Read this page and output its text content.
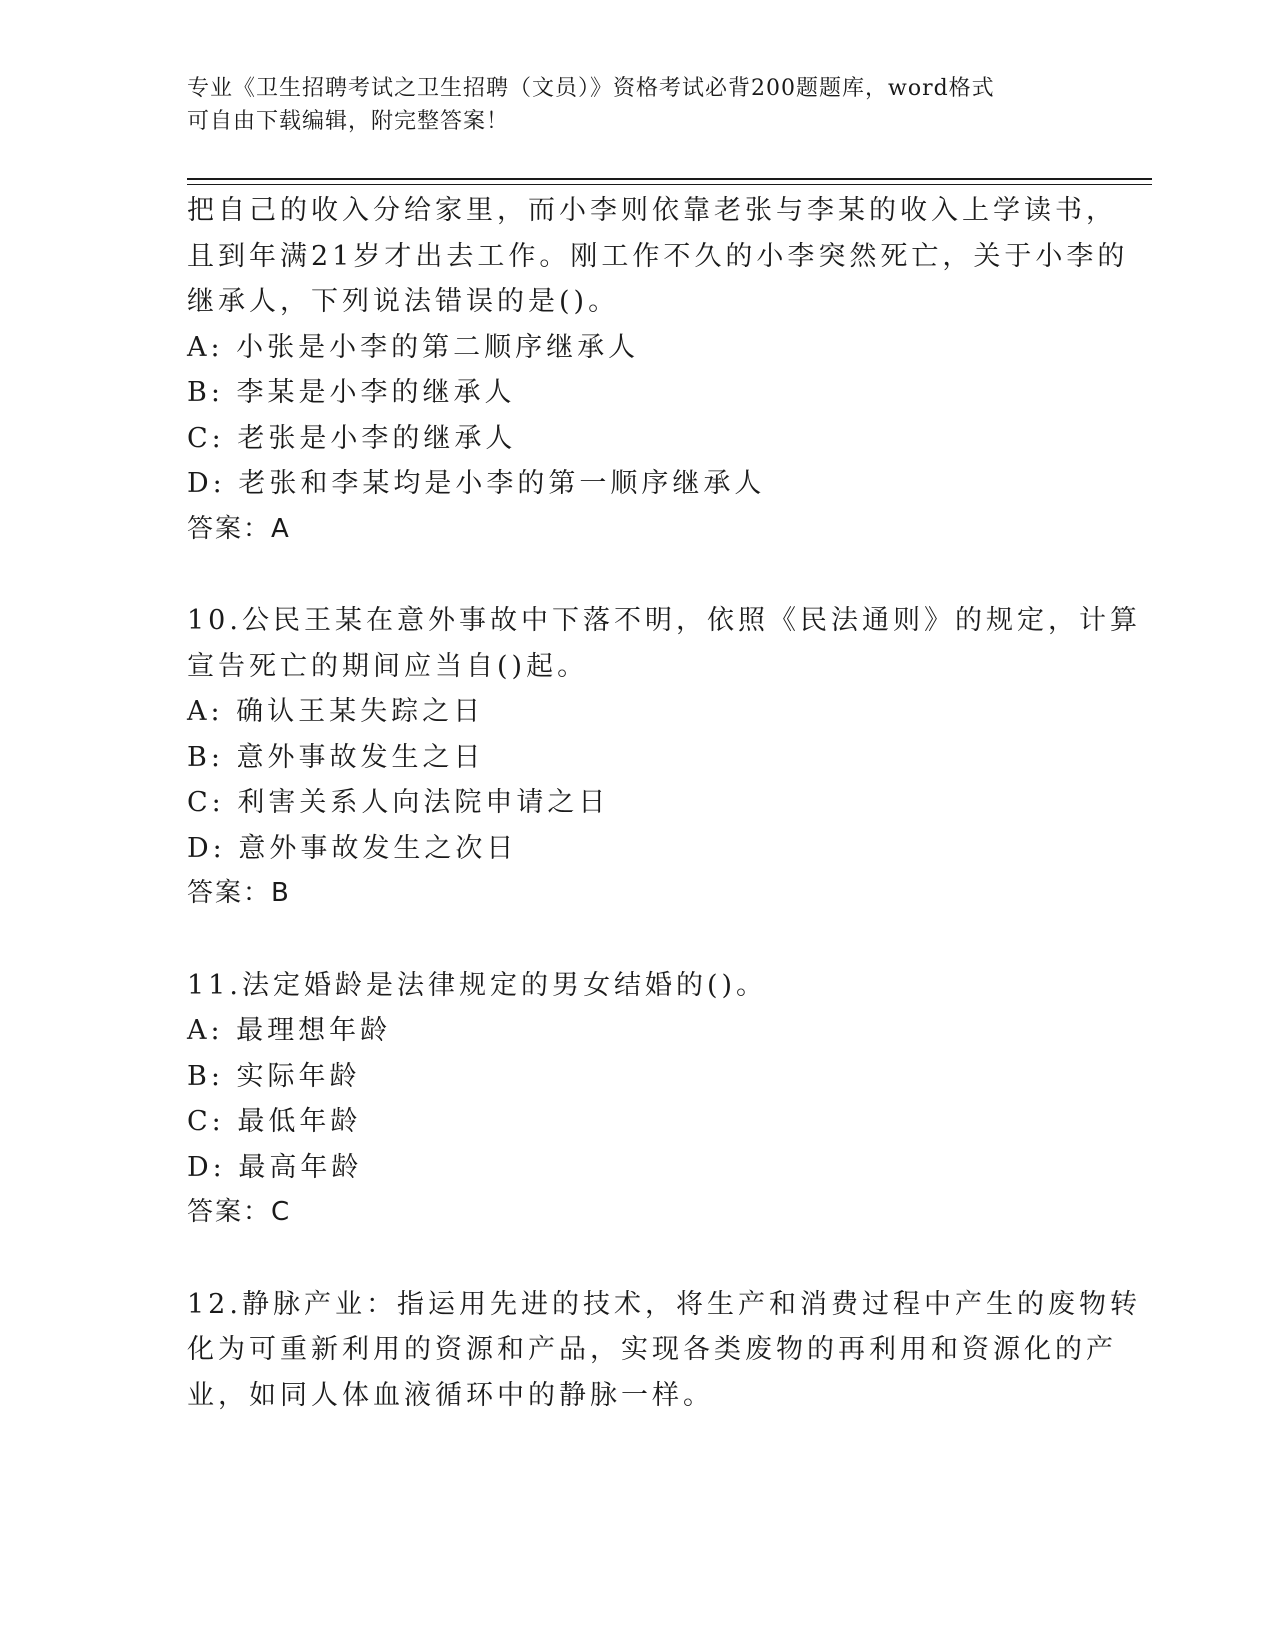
专业《卫生招聘考试之卫生招聘（文员）》资格考试必背200题题库，word格式
可自由下载编辑，附完整答案！
把自己的收入分给家里，而小李则依靠老张与李某的收入上学读书，
且到年满21岁才出去工作。刚工作不久的小李突然死亡，关于小李的
继承人，下列说法错误的是()。
A: 小张是小李的第二顺序继承人
B: 李某是小李的继承人
C: 老张是小李的继承人
D: 老张和李某均是小李的第一顺序继承人
答案：A
10.公民王某在意外事故中下落不明，依照《民法通则》的规定，计算
宣告死亡的期间应当自()起。
A: 确认王某失踪之日
B: 意外事故发生之日
C: 利害关系人向法院申请之日
D: 意外事故发生之次日
答案：B
11.法定婚龄是法律规定的男女结婚的()。
A: 最理想年龄
B: 实际年龄
C: 最低年龄
D: 最高年龄
答案：C
12.静脉产业：指运用先进的技术，将生产和消费过程中产生的废物转
化为可重新利用的资源和产品，实现各类废物的再利用和资源化的产
业，如同人体血液循环中的静脉一样。
